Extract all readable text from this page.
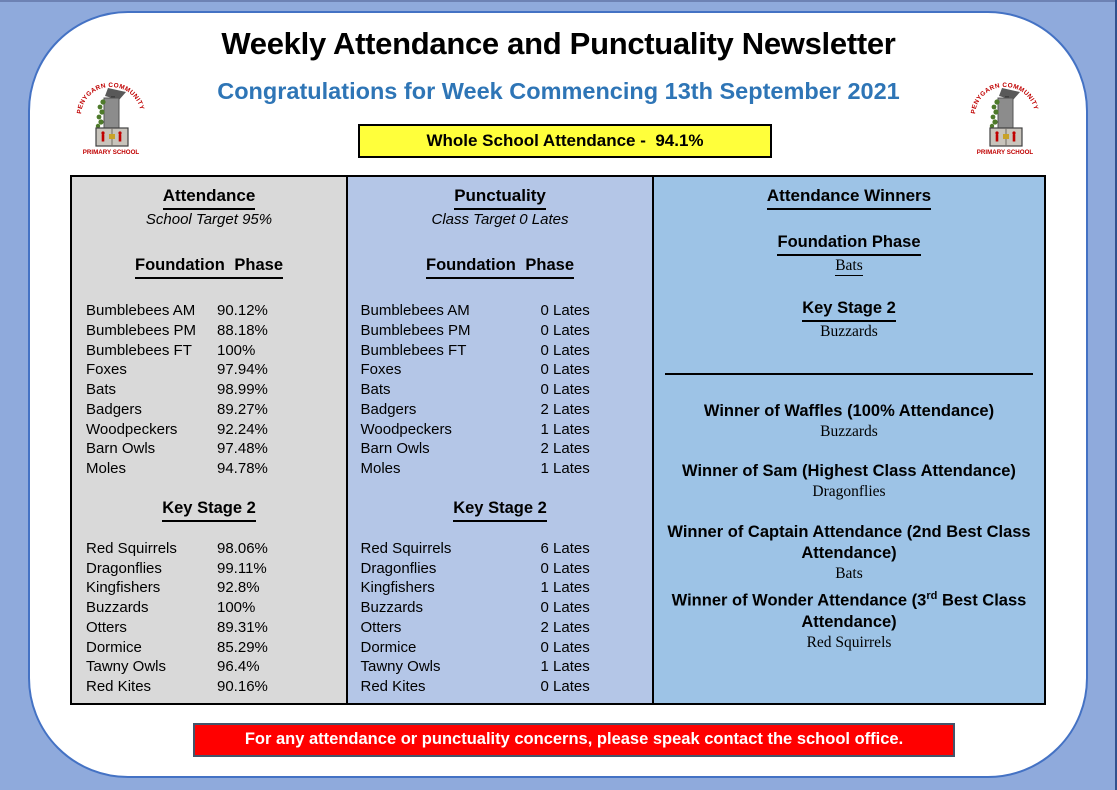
Weekly Attendance and Punctuality Newsletter
Congratulations for Week Commencing 13th September 2021
PENYGARN COMMUNITY
PRIMARY SCHOOL
PENYGARN COMMUNITY
PRIMARY SCHOOL
Whole School Attendance -  94.1%
Attendance
School Target 95%
Foundation Phase
Bumblebees AM	90.12%
Bumblebees PM	88.18%
Bumblebees FT	100%
Foxes	97.94%
Bats	98.99%
Badgers	89.27%
Woodpeckers	92.24%
Barn Owls	97.48%
Moles	94.78%
Key Stage 2
Red Squirrels	98.06%
Dragonflies	99.11%
Kingfishers	92.8%
Buzzards	100%
Otters	89.31%
Dormice	85.29%
Tawny Owls	96.4%
Red Kites	90.16%
Punctuality
Class Target 0 Lates
Foundation Phase
Bumblebees AM	0 Lates
Bumblebees PM	0 Lates
Bumblebees FT	0 Lates
Foxes	0 Lates
Bats	0 Lates
Badgers	2 Lates
Woodpeckers	1 Lates
Barn Owls	2 Lates
Moles	1 Lates
Key Stage 2
Red Squirrels	6 Lates
Dragonflies	0 Lates
Kingfishers	1 Lates
Buzzards	0 Lates
Otters	2 Lates
Dormice	0 Lates
Tawny Owls	1 Lates
Red Kites	0 Lates
Attendance Winners
Foundation Phase
Bats
Key Stage 2
Buzzards
Winner of Waffles (100% Attendance)
Buzzards
Winner of Sam (Highest Class Attendance)
Dragonflies
Winner of Captain Attendance (2nd Best Class Attendance)
Bats
Winner of Wonder Attendance (3rd Best Class Attendance)
Red Squirrels
For any attendance or punctuality concerns, please speak contact the school office.
